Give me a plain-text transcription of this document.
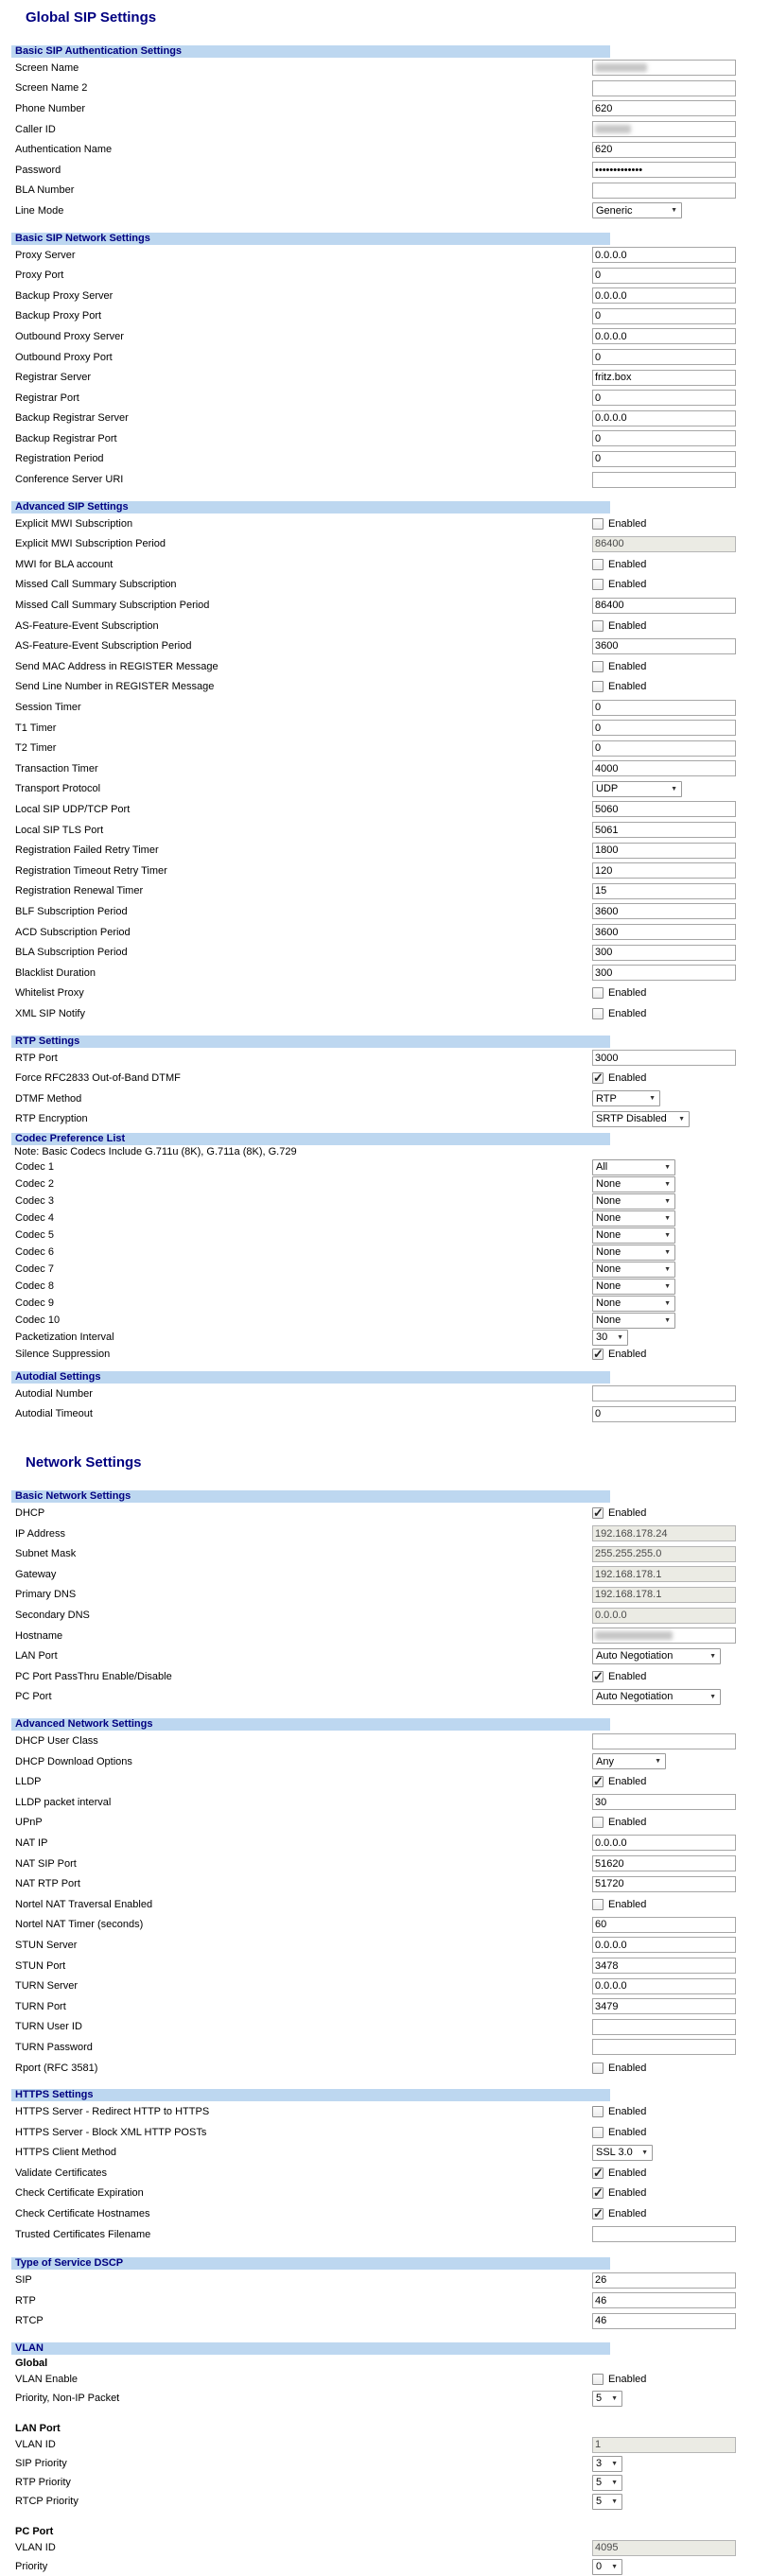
Global SIP Settings
Basic SIP Authentication Settings
Screen Name
Screen Name 2
Phone Number	620
Caller ID
Authentication Name	620
Password	•••••••••••••
BLA Number
Line Mode	Generic	▼
Basic SIP Network Settings
Proxy Server	0.0.0.0
Proxy Port	0
Backup Proxy Server	0.0.0.0
Backup Proxy Port	0
Outbound Proxy Server	0.0.0.0
Outbound Proxy Port	0
Registrar Server	fritz.box
Registrar Port	0
Backup Registrar Server	0.0.0.0
Backup Registrar Port	0
Registration Period	0
Conference Server URI
Advanced SIP Settings
Explicit MWI Subscription	Enabled
Explicit MWI Subscription Period	86400
MWI for BLA account	Enabled
Missed Call Summary Subscription	Enabled
Missed Call Summary Subscription Period	86400
AS-Feature-Event Subscription	Enabled
AS-Feature-Event Subscription Period	3600
Send MAC Address in REGISTER Message	Enabled
Send Line Number in REGISTER Message	Enabled
Session Timer	0
T1 Timer	0
T2 Timer	0
Transaction Timer	4000
Transport Protocol	UDP	▼
Local SIP UDP/TCP Port	5060
Local SIP TLS Port	5061
Registration Failed Retry Timer	1800
Registration Timeout Retry Timer	120
Registration Renewal Timer	15
BLF Subscription Period	3600
ACD Subscription Period	3600
BLA Subscription Period	300
Blacklist Duration	300
Whitelist Proxy	Enabled
XML SIP Notify	Enabled
RTP Settings
RTP Port	3000
Force RFC2833 Out-of-Band DTMF ✓	Enabled
DTMF Method	RTP	▼
RTP Encryption	SRTP Disabled ▼
Codec Preference List
Note: Basic Codecs Include G.711u (8K), G.711a (8K), G.729
Codec 1	All	▼
Codec 2	None	▼
Codec 3	None	▼
Codec 4	None	▼
Codec 5	None	▼
Codec 6	None	▼
Codec 7	None	▼
Codec 8	None	▼
Codec 9	None	▼
Codec 10	None	▼
Packetization Interval	30 ▼
Silence Suppression ✓	Enabled
Autodial Settings
Autodial Number
Autodial Timeout	0
Network Settings
Basic Network Settings
DHCP ✓	Enabled
IP Address	192.168.178.24
Subnet Mask	255.255.255.0
Gateway	192.168.178.1
Primary DNS	192.168.178.1
Secondary DNS	0.0.0.0
Hostname
LAN Port	Auto Negotiation	▼
PC Port PassThru Enable/Disable ✓	Enabled
PC Port	Auto Negotiation	▼
Advanced Network Settings
DHCP User Class
DHCP Download Options	Any	▼
LLDP ✓	Enabled
LLDP packet interval	30
UPnP	Enabled
NAT IP	0.0.0.0
NAT SIP Port	51620
NAT RTP Port	51720
Nortel NAT Traversal Enabled	Enabled
Nortel NAT Timer (seconds)	60
STUN Server	0.0.0.0
STUN Port	3478
TURN Server	0.0.0.0
TURN Port	3479
TURN User ID
TURN Password
Rport (RFC 3581)	Enabled
HTTPS Settings
HTTPS Server - Redirect HTTP to HTTPS	Enabled
HTTPS Server - Block XML HTTP POSTs	Enabled
HTTPS Client Method	SSL 3.0 ▼
Validate Certificates ✓	Enabled
Check Certificate Expiration ✓	Enabled
Check Certificate Hostnames ✓	Enabled
Trusted Certificates Filename
Type of Service DSCP
SIP	26
RTP	46
RTCP	46
VLAN
Global
VLAN Enable	Enabled
Priority, Non-IP Packet	5 ▼
LAN Port
VLAN ID	1
SIP Priority	3 ▼
RTP Priority	5 ▼
RTCP Priority	5 ▼
PC Port
VLAN ID	4095
Priority	0 ▼
